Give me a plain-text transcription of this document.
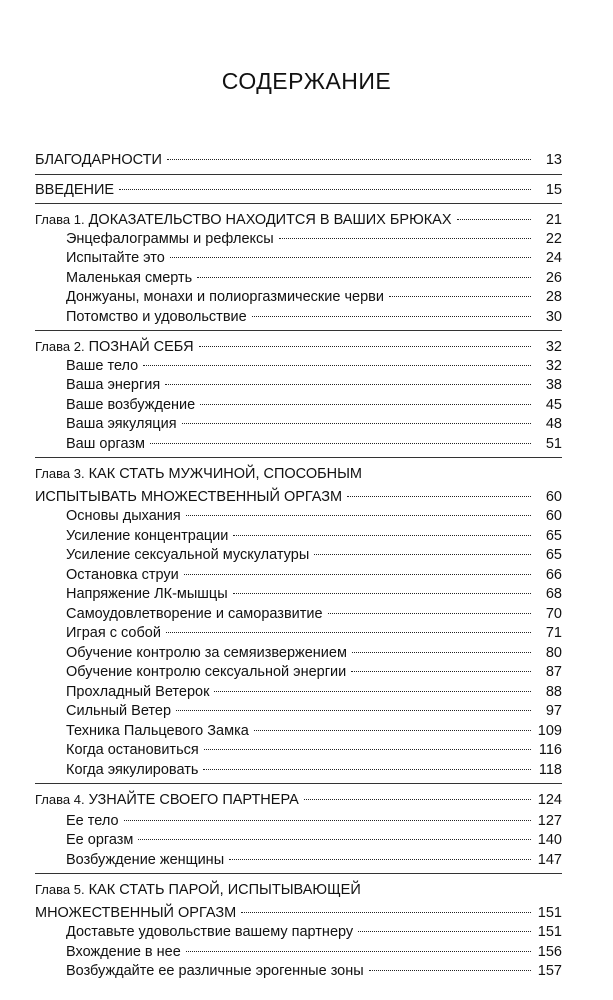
СОДЕРЖАНИЕ
БЛАГОДАРНОСТИ	13
ВВЕДЕНИЕ	15
Глава 1. ДОКАЗАТЕЛЬСТВО НАХОДИТСЯ В ВАШИХ БРЮКАХ	21
Энцефалограммы и рефлексы	22
Испытайте это	24
Маленькая смерть	26
Донжуаны, монахи и полиоргазмические черви	28
Потомство и удовольствие	30
Глава 2. ПОЗНАЙ СЕБЯ	32
Ваше тело	32
Ваша энергия	38
Ваше возбуждение	45
Ваша эякуляция	48
Ваш оргазм	51
Глава 3. КАК СТАТЬ МУЖЧИНОЙ, СПОСОБНЫМ
ИСПЫТЫВАТЬ МНОЖЕСТВЕННЫЙ ОРГАЗМ	60
Основы дыхания	60
Усиление концентрации	65
Усиление сексуальной мускулатуры	65
Остановка струи	66
Напряжение ЛК-мышцы	68
Самоудовлетворение и саморазвитие	70
Играя с собой	71
Обучение контролю за семяизвержением	80
Обучение контролю сексуальной энергии	87
Прохладный Ветерок	88
Сильный Ветер	97
Техника Пальцевого Замка	109
Когда остановиться	116
Когда эякулировать	118
Глава 4. УЗНАЙТЕ СВОЕГО ПАРТНЕРА	124
Ее тело	127
Ее оргазм	140
Возбуждение женщины	147
Глава 5. КАК СТАТЬ ПАРОЙ, ИСПЫТЫВАЮЩЕЙ
МНОЖЕСТВЕННЫЙ ОРГАЗМ	151
Доставьте удовольствие вашему партнеру	151
Вхождение в нее	156
Возбуждайте ее различные эрогенные зоны	157
